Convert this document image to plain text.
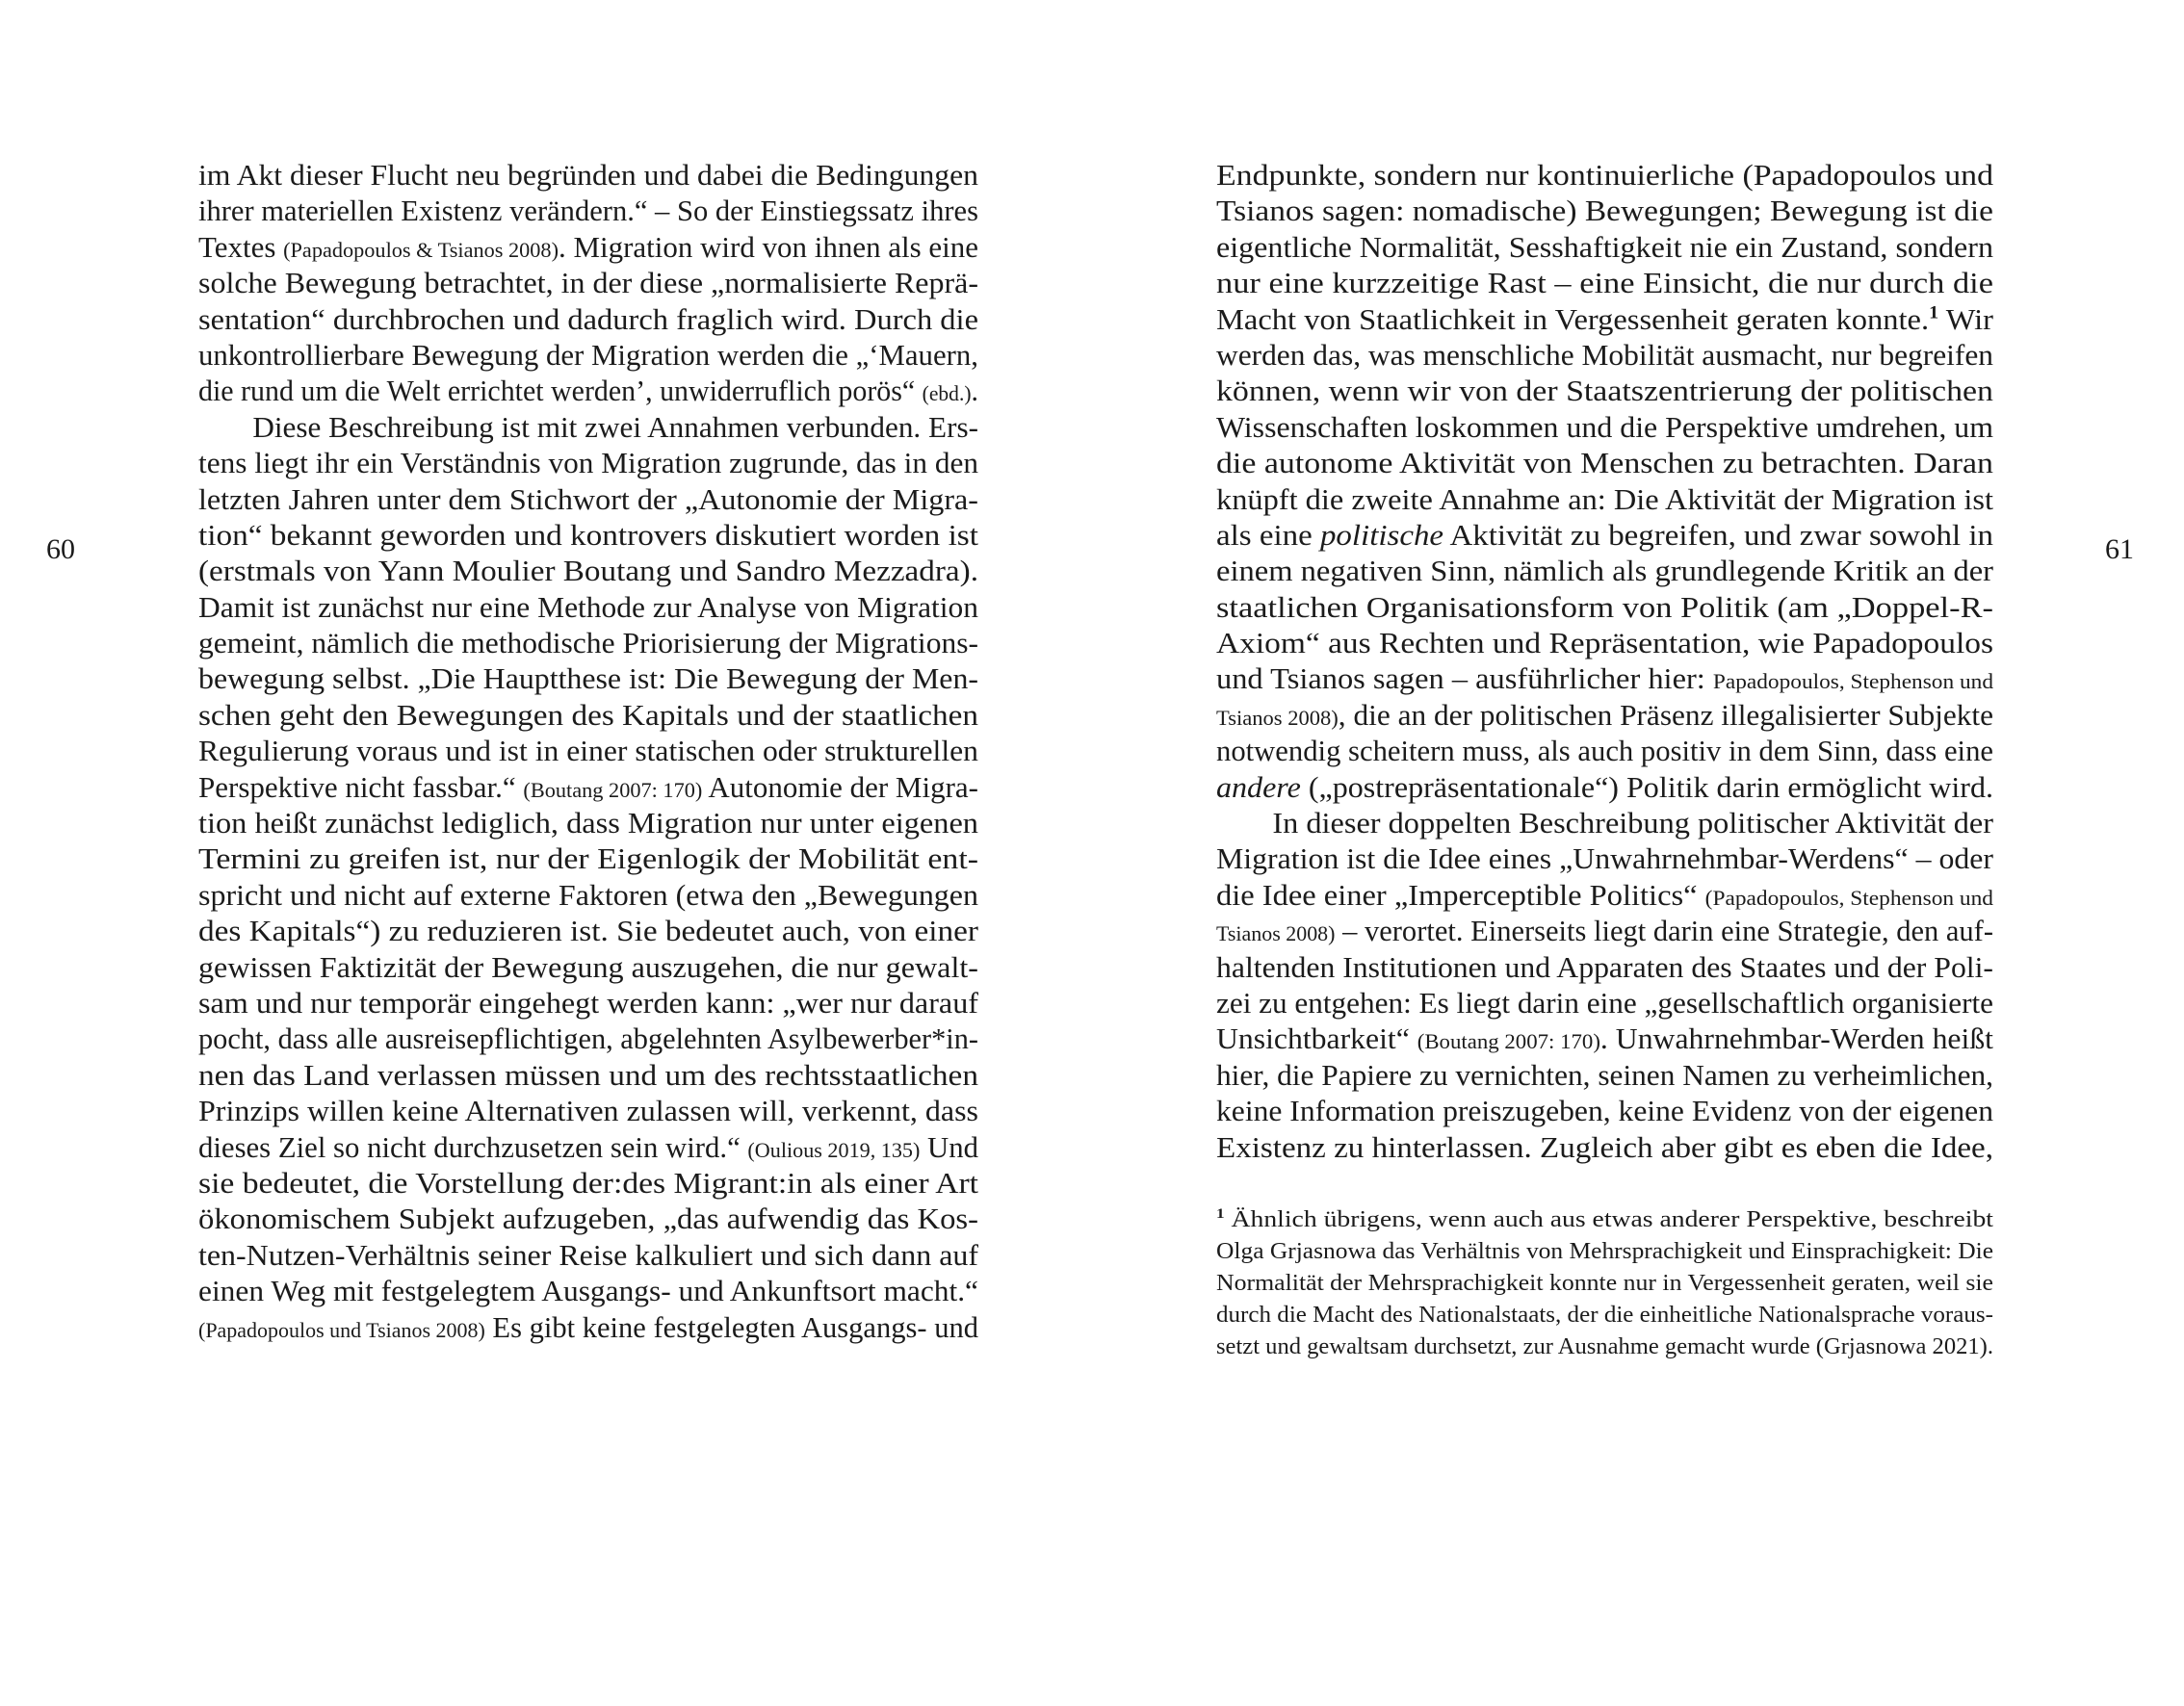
60
im Akt dieser Flucht neu begründen und dabei die Bedingungen
ihrer materiellen Existenz verändern.“ – So der Einstiegssatz ihres
Textes (Papadopoulos & Tsianos 2008). Migration wird von ihnen als eine
solche Bewegung betrachtet, in der diese „normalisierte Reprä-
sentation“ durchbrochen und dadurch fraglich wird. Durch die
unkontrollierbare Bewegung der Migration werden die „‘Mauern,
die rund um die Welt errichtet werden’, unwiderruflich porös“ (ebd.).
Diese Beschreibung ist mit zwei Annahmen verbunden. Ers-
tens liegt ihr ein Verständnis von Migration zugrunde, das in den
letzten Jahren unter dem Stichwort der „Autonomie der Migra-
tion“ bekannt geworden und kontrovers diskutiert worden ist
(erstmals von Yann Moulier Boutang und Sandro Mezzadra).
Damit ist zunächst nur eine Methode zur Analyse von Migration
gemeint, nämlich die methodische Priorisierung der Migrations-
bewegung selbst. „Die Hauptthese ist: Die Bewegung der Men-
schen geht den Bewegungen des Kapitals und der staatlichen
Regulierung voraus und ist in einer statischen oder strukturellen
Perspektive nicht fassbar.“ (Boutang 2007: 170) Autonomie der Migra-
tion heißt zunächst lediglich, dass Migration nur unter eigenen
Termini zu greifen ist, nur der Eigenlogik der Mobilität ent-
spricht und nicht auf externe Faktoren (etwa den „Bewegungen
des Kapitals“) zu reduzieren ist. Sie bedeutet auch, von einer
gewissen Faktizität der Bewegung auszugehen, die nur gewalt-
sam und nur temporär eingehegt werden kann: „wer nur darauf
pocht, dass alle ausreisepflichtigen, abgelehnten Asylbewerber*in-
nen das Land verlassen müssen und um des rechtsstaatlichen
Prinzips willen keine Alternativen zulassen will, verkennt, dass
dieses Ziel so nicht durchzusetzen sein wird.“ (Oulious 2019, 135) Und
sie bedeutet, die Vorstellung der:des Migrant:in als einer Art
ökonomischem Subjekt aufzugeben, „das aufwendig das Kos-
ten-Nutzen-Verhältnis seiner Reise kalkuliert und sich dann auf
einen Weg mit festgelegtem Ausgangs- und Ankunftsort macht.“
(Papadopoulos und Tsianos 2008) Es gibt keine festgelegten Ausgangs- und
Endpunkte, sondern nur kontinuierliche (Papadopoulos und
Tsianos sagen: nomadische) Bewegungen; Bewegung ist die
eigentliche Normalität, Sesshaftigkeit nie ein Zustand, sondern
nur eine kurzzeitige Rast – eine Einsicht, die nur durch die
Macht von Staatlichkeit in Vergessenheit geraten konnte.$^1$ Wir
werden das, was menschliche Mobilität ausmacht, nur begreifen
können, wenn wir von der Staatszentrierung der politischen
Wissenschaften loskommen und die Perspektive umdrehen, um
die autonome Aktivität von Menschen zu betrachten. Daran
knüpft die zweite Annahme an: Die Aktivität der Migration ist
als eine politische Aktivität zu begreifen, und zwar sowohl in
einem negativen Sinn, nämlich als grundlegende Kritik an der
staatlichen Organisationsform von Politik (am „Doppel-R-
Axiom“ aus Rechten und Repräsentation, wie Papadopoulos
und Tsianos sagen – ausführlicher hier: Papadopoulos, Stephenson und
Tsianos 2008), die an der politischen Präsenz illegalisierter Subjekte
notwendig scheitern muss, als auch positiv in dem Sinn, dass eine
andere („postrepräsentationale“) Politik darin ermöglicht wird.
In dieser doppelten Beschreibung politischer Aktivität der
Migration ist die Idee eines „Unwahrnehmbar-Werdens“ – oder
die Idee einer „Imperceptible Politics“ (Papadopoulos, Stephenson und
Tsianos 2008) – verortet. Einerseits liegt darin eine Strategie, den auf-
haltenden Institutionen und Apparaten des Staates und der Poli-
zei zu entgehen: Es liegt darin eine „gesellschaftlich organisierte
Unsichtbarkeit“ (Boutang 2007: 170). Unwahrnehmbar-Werden heißt
hier, die Papiere zu vernichten, seinen Namen zu verheimlichen,
keine Information preiszugeben, keine Evidenz von der eigenen
Existenz zu hinterlassen. Zugleich aber gibt es eben die Idee,
$^1$ Ähnlich übrigens, wenn auch aus etwas anderer Perspektive, beschreibt
Olga Grjasnowa das Verhältnis von Mehrsprachigkeit und Einsprachigkeit: Die
Normalität der Mehrsprachigkeit konnte nur in Vergessenheit geraten, weil sie
durch die Macht des Nationalstaats, der die einheitliche Nationalsprache voraus-
setzt und gewaltsam durchsetzt, zur Ausnahme gemacht wurde (Grjasnowa 2021).
61
